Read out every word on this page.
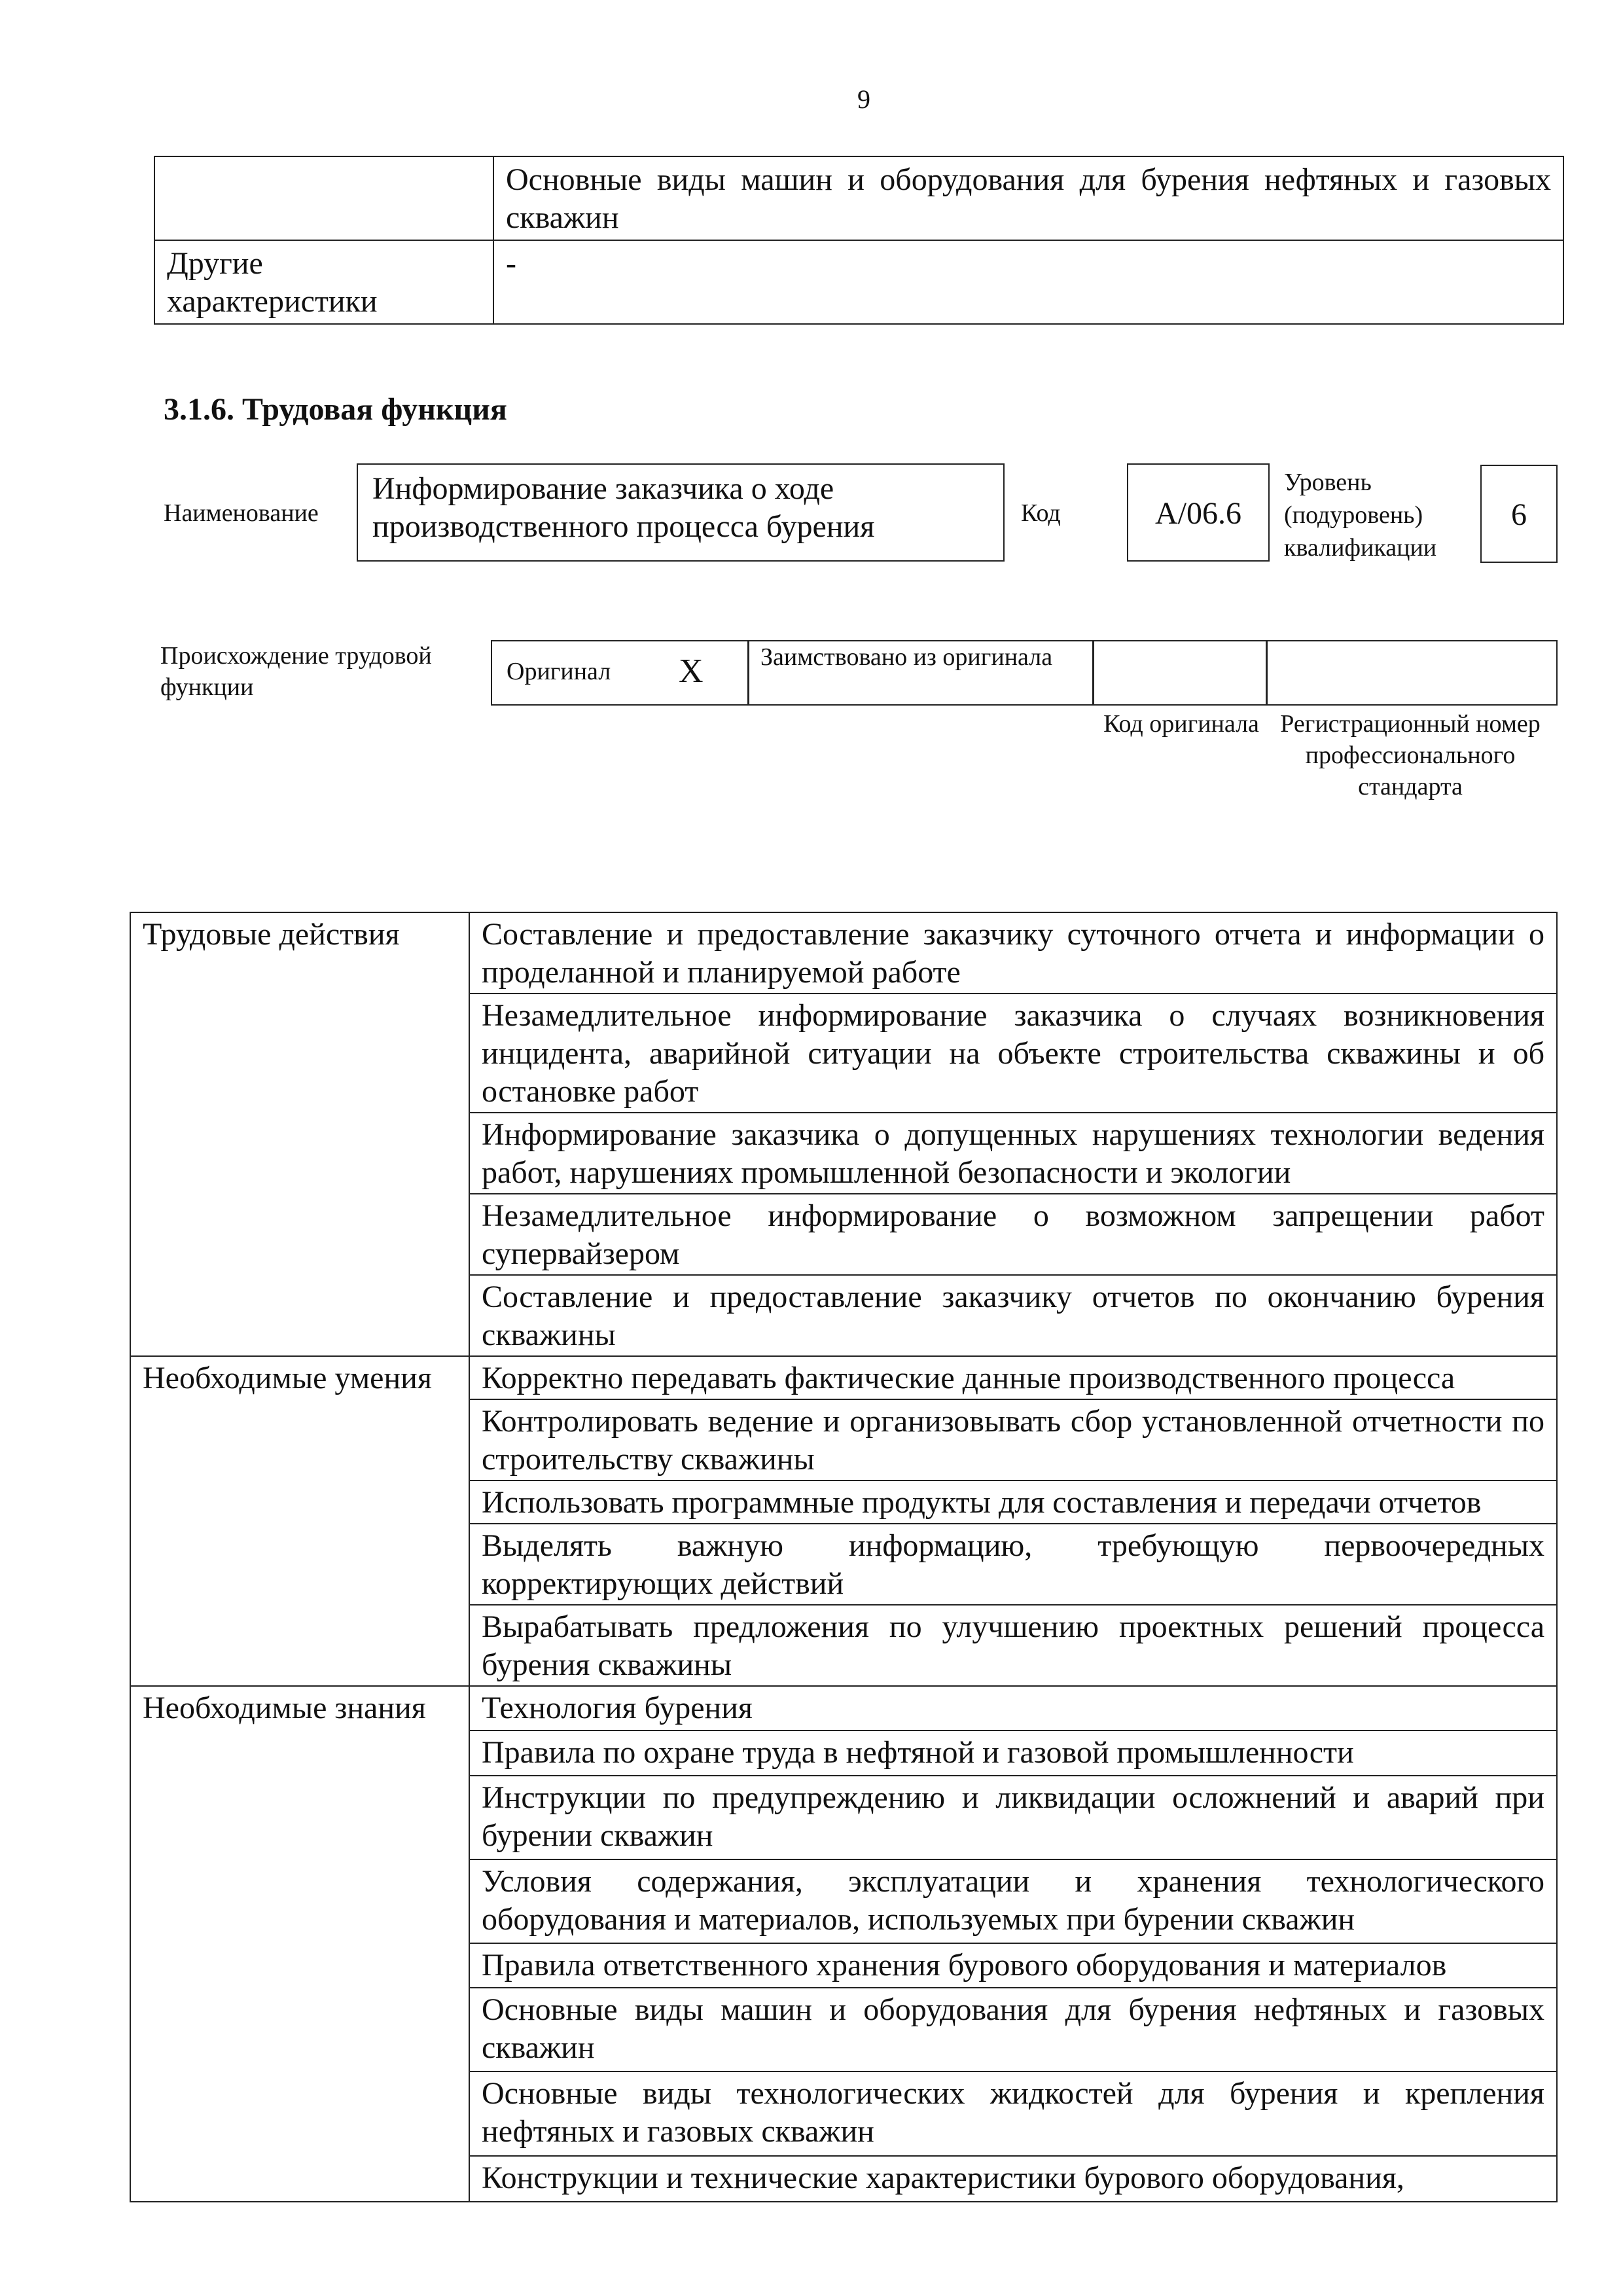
9
	Основные виды машин и оборудования для бурения нефтяных и газовых скважин
Другие характеристики	-
3.1.6. Трудовая функция
Наименование
Информирование заказчика о ходе производственного процесса бурения	Код	А/06.6
Уровень (подуровень) квалификации
6
Происхождение трудовой функции
Оригинал X	Заимствовано из оригинала
Код оригинала Регистрационный номер профессионального стандарта
Трудовые действия	Составление и предоставление заказчику суточного отчета и информации о проделанной и планируемой работе
	Незамедлительное информирование заказчика о случаях возникновения инцидента, аварийной ситуации на объекте строительства скважины и об остановке работ
	Информирование заказчика о допущенных нарушениях технологии ведения работ, нарушениях промышленной безопасности и экологии
	Незамедлительное информирование о возможном запрещении работ супервайзером
	Составление и предоставление заказчику отчетов по окончанию бурения скважины
Необходимые умения	Корректно передавать фактические данные производственного процесса
	Контролировать ведение и организовывать сбор установленной отчетности по строительству скважины
	Использовать программные продукты для составления и передачи отчетов
	Выделять важную информацию, требующую первоочередных корректирующих действий
	Вырабатывать предложения по улучшению проектных решений процесса бурения скважины
Необходимые знания	Технология бурения
	Правила по охране труда в нефтяной и газовой промышленности
	Инструкции по предупреждению и ликвидации осложнений и аварий при бурении скважин
	Условия содержания, эксплуатации и хранения технологического оборудования и материалов, используемых при бурении скважин
	Правила ответственного хранения бурового оборудования и материалов
	Основные виды машин и оборудования для бурения нефтяных и газовых скважин
	Основные виды технологических жидкостей для бурения и крепления нефтяных и газовых скважин
	Конструкции и технические характеристики бурового оборудования,
